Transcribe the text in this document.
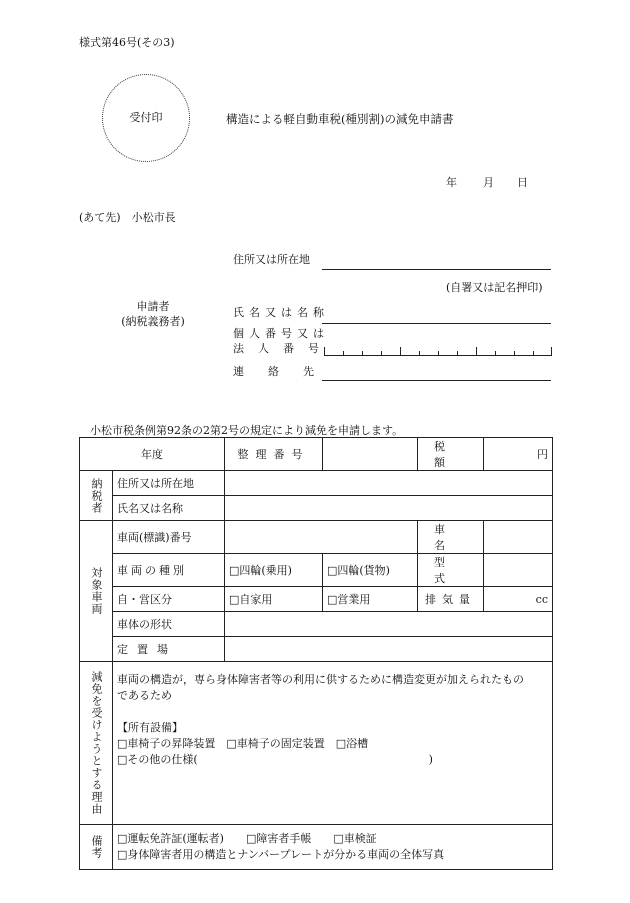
様式第46号(その3)
受付印	構造による軽自動車税(種別割)の減免申請書
年 月 日
(あて先)　小松市長
住所又は所在地
(自署又は記名押印)
申請者
(納税義務者)
氏名又は名称
個人番号又は
法人番号
連絡先
小松市税条例第92条の2第2号の規定により減免を申請します。
年度		整理番号		税額	円
納税者	住所又は所在地				
	氏名又は名称				
対象車両	車両(標識)番号			車名	
	車両の種別	□四輪(乗用)	□四輪(貨物)	型式	
	自・営区分	□自家用	□営業用	排気量	cc
	車体の形状				
	定置場				
減免を受けようとする理由	車両の構造が，専ら身体障害者等の利用に供するために構造変更が加えられたもの
であるため
【所有設備】
□車椅子の昇降装置　□車椅子の固定装置　□浴槽
□その他の仕様(　　　　　　　　　　　　　　　　　　　　　)				

備考	□運転免許証(運転者)　　□障害者手帳　　□車検証
□身体障害者用の構造とナンバープレートが分かる車両の全体写真				
